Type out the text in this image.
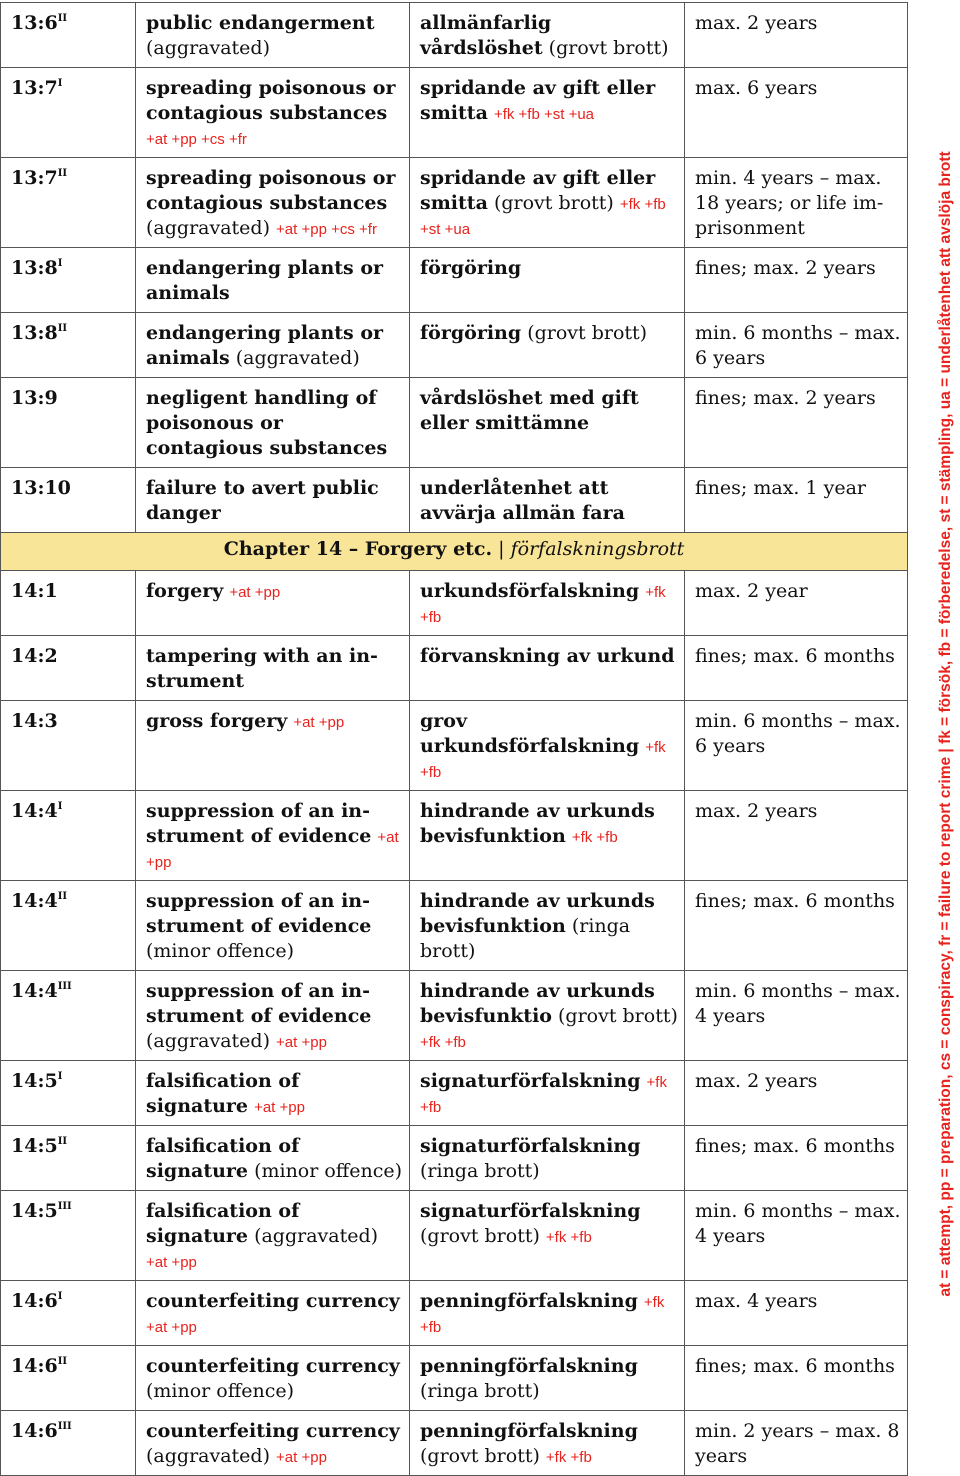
$13:6^{II}$	public endangerment (aggravated)	allmänfarlig vårdslöshet (grovt brott)	max. 2 years
$13:7^I$	spreading poisonous or contagious substances +at +pp +cs +fr	spridande av gift eller smitta +fk +fb +st +ua	max. 6 years
$13:7^{II}$	spreading poisonous or contagious substances (aggravated) +at +pp +cs +fr	spridande av gift eller smitta (grovt brott) +fk +fb +st +ua	min. 4 years – max. 18 years; or life im- prisonment
$13:8^I$	endangering plants or animals	förgöring	fines; max. 2 years
$13:8^{II}$	endangering plants or animals (aggravated)	förgöring (grovt brott)	min. 6 months – max. 6 years
13:9	negligent handling of poisonous or contagious substances	vårdslöshet med gift eller smittämne	fines; max. 2 years
13:10	failure to avert public danger	underlåtenhet att avvärja allmän fara	fines; max. 1 year
Chapter 14 – Forgery etc. | förfalskningsbrott			
14:1	forgery +at +pp	urkundsförfalskning +fk +fb	max. 2 year
14:2	tampering with an in- strument	förvanskning av urkund	fines; max. 6 months
14:3	gross forgery +at +pp	grov urkundsförfalskning +fk +fb	min. 6 months – max. 6 years
$14:4^I$	suppression of an in- strument of evidence +at +pp	hindrande av urkunds bevisfunktion +fk +fb	max. 2 years
$14:4^{II}$	suppression of an in- strument of evidence (minor offence)	hindrande av urkunds bevisfunktion (ringa brott)	fines; max. 6 months
$14:4^{III}$	suppression of an in- strument of evidence (aggravated) +at +pp	hindrande av urkunds bevisfunktio (grovt brott) +fk +fb	min. 6 months – max. 4 years
$14:5^I$	falsification of signature +at +pp	signaturförfalskning +fk +fb	max. 2 years
$14:5^{II}$	falsification of signature (minor offence)	signaturförfalskning (ringa brott)	fines; max. 6 months
$14:5^{III}$	falsification of signature (aggravated) +at +pp	signaturförfalskning (grovt brott) +fk +fb	min. 6 months – max. 4 years
$14:6^I$	counterfeiting currency +at +pp	penningförfalskning +fk +fb	max. 4 years
$14:6^{II}$	counterfeiting currency (minor offence)	penningförfalskning (ringa brott)	fines; max. 6 months
$14:6^{III}$	counterfeiting currency (aggravated) +at +pp	penningförfalskning (grovt brott) +fk +fb	min. 2 years – max. 8 years
at = attempt, pp = preparation, cs = conspiracy, fr = failure to report crime | fk = försök, fb = förberedelse, st = stämpling, ua = underlåtenhet att avslöja brott
